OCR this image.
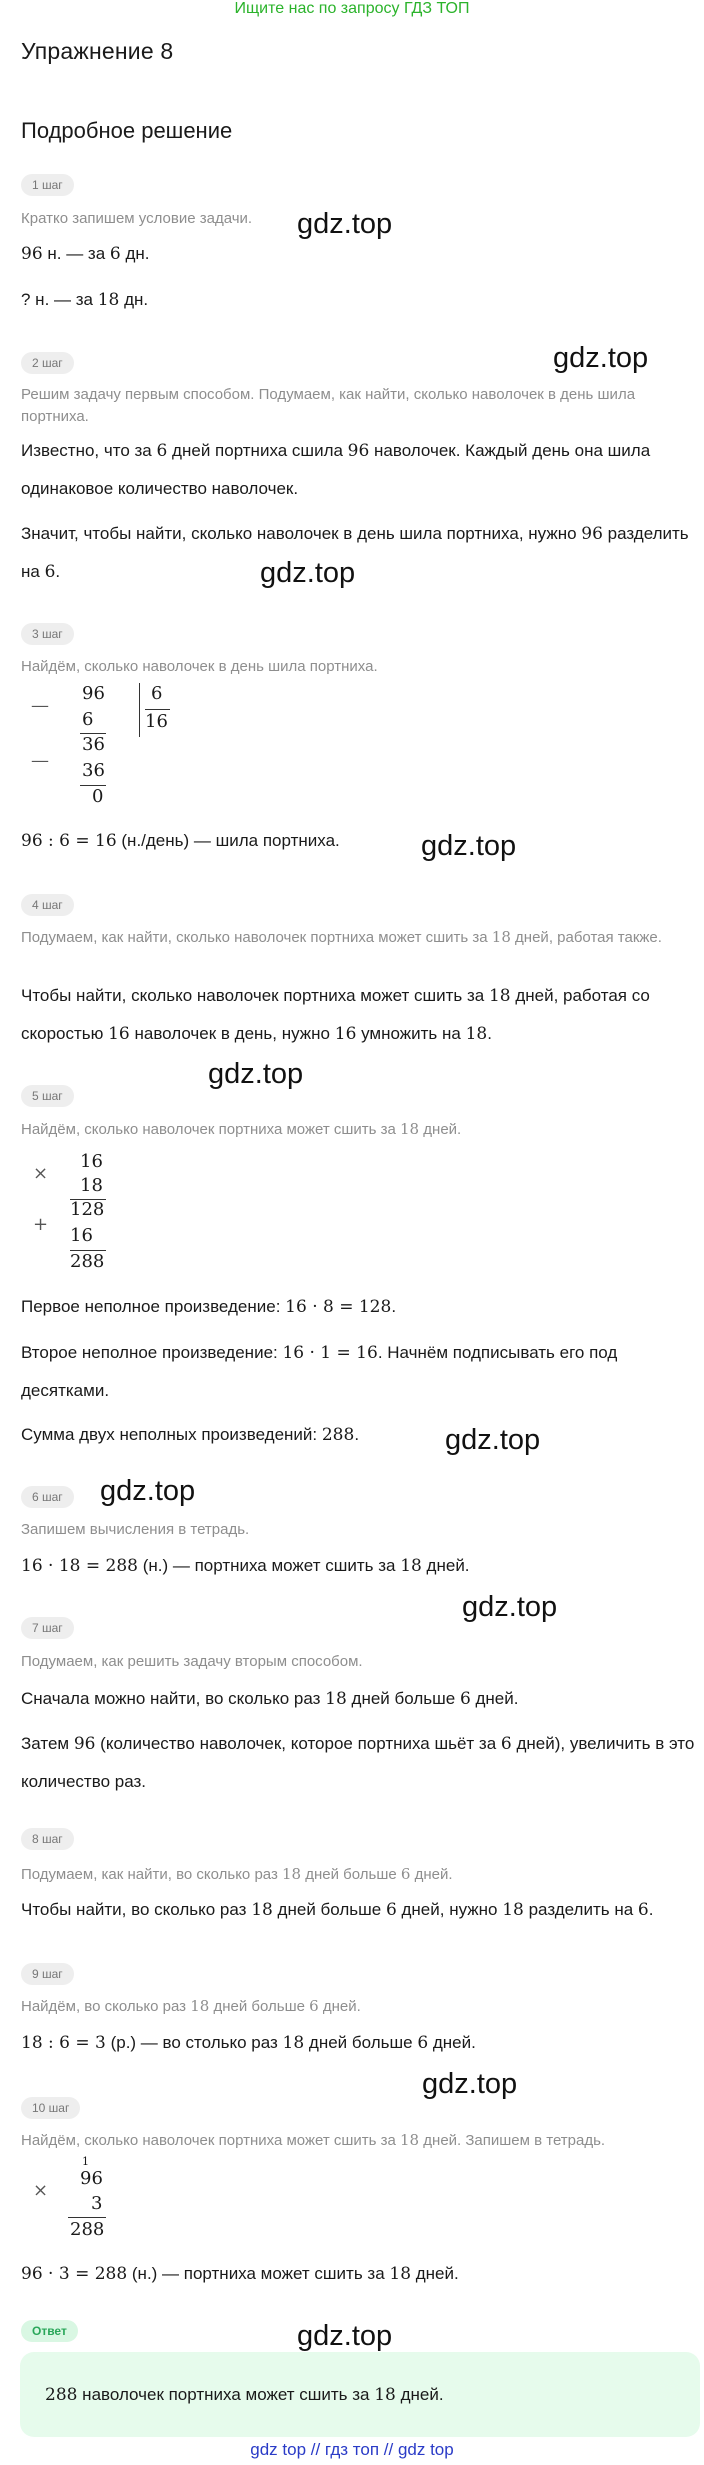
Ищите нас по запросу ГДЗ ТОП
Упражнение 8
Подробное решение
gdz.top
gdz.top
gdz.top
gdz.top
gdz.top
gdz.top
gdz.top
gdz.top
gdz.top
gdz.top
1 шаг
Кратко запишем условие задачи.
96 н. — за 6 дн.
? н. — за 18 дн.
2 шаг
Решим задачу первым способом. Подумаем, как найти, сколько наволочек в день шила портниха.
Известно, что за 6 дней портниха сшила 96 наволочек. Каждый день она шила одинаковое количество наволочек.
Значит, чтобы найти, сколько наволочек в день шила портниха, нужно 96 разделить на 6.
3 шаг
Найдём, сколько наволочек в день шила портниха.
—
96	6
16
6
36
— 36
0
96 : 6 = 16 (н./день) — шила портниха.
4 шаг
Подумаем, как найти, сколько наволочек портниха может сшить за 18 дней, работая также.
Чтобы найти, сколько наволочек портниха может сшить за 18 дней, работая со скоростью 16 наволочек в день, нужно 16 умножить на 18.
5 шаг
Найдём, сколько наволочек портниха может сшить за 18 дней.
×
16
18
128
+
16
288
Первое неполное произведение: 16 · 8 = 128.
Второе неполное произведение: 16 · 1 = 16. Начнём подписывать его под десятками.
Сумма двух неполных произведений: 288.
6 шаг
Запишем вычисления в тетрадь.
16 · 18 = 288 (н.) — портниха может сшить за 18 дней.
7 шаг
Подумаем, как решить задачу вторым способом.
Сначала можно найти, во сколько раз 18 дней больше 6 дней.
Затем 96 (количество наволочек, которое портниха шьёт за 6 дней), увеличить в это количество раз.
8 шаг
Подумаем, как найти, во сколько раз 18 дней больше 6 дней.
Чтобы найти, во сколько раз 18 дней больше 6 дней, нужно 18 разделить на 6.
9 шаг
Найдём, во сколько раз 18 дней больше 6 дней.
18 : 6 = 3 (р.) — во столько раз 18 дней больше 6 дней.
10 шаг
Найдём, сколько наволочек портниха может сшить за 18 дней. Запишем в тетрадь.
1
×
96
3
288
96 · 3 = 288 (н.) — портниха может сшить за 18 дней.
Ответ
288 наволочек портниха может сшить за 18 дней.
gdz top // гдз топ // gdz top
